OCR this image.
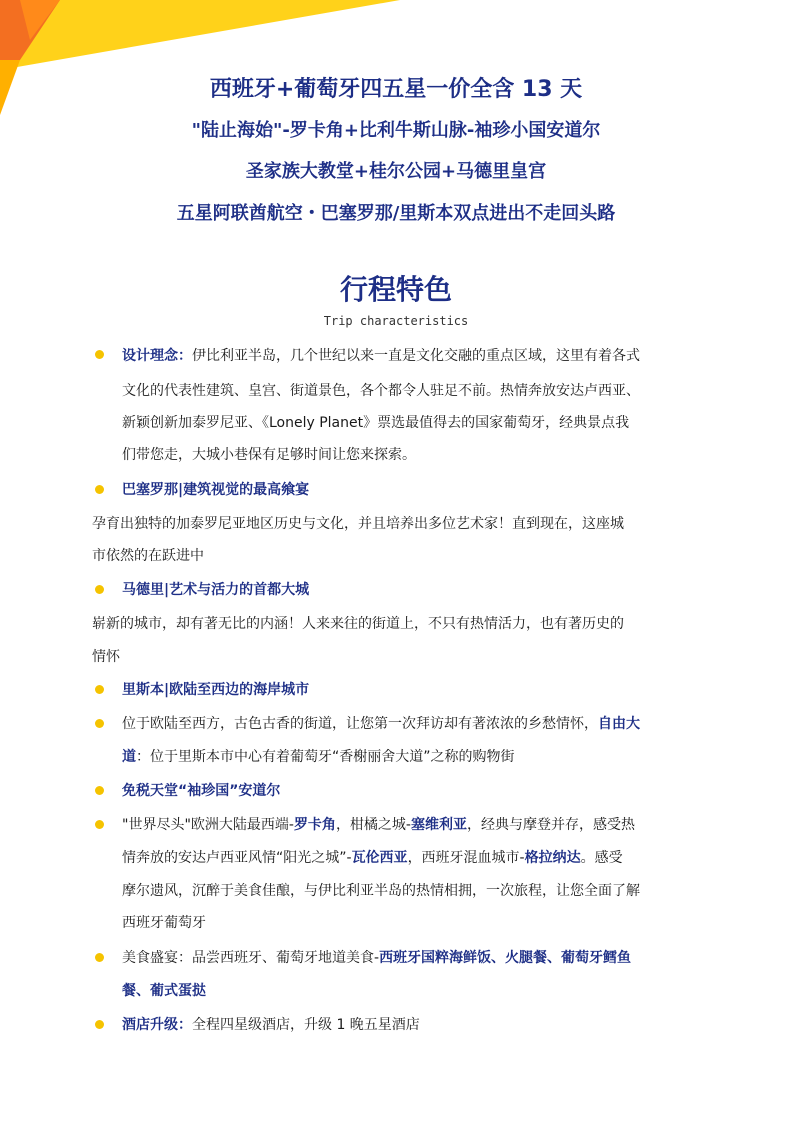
西班牙+葡萄牙四五星一价全含 13 天
"陆止海始"-罗卡角+比利牛斯山脉-袖珍小国安道尔
圣家族大教堂+桂尔公园+马德里皇宫
五星阿联酋航空・巴塞罗那/里斯本双点进出不走回头路
行程特色
Trip characteristics
设计理念：伊比利亚半岛，几个世纪以来一直是文化交融的重点区域，这里有着各式
文化的代表性建筑、皇宫、街道景色，各个都令人驻足不前。热情奔放安达卢西亚、
新颖创新加泰罗尼亚、《Lonely Planet》票选最值得去的国家葡萄牙，经典景点我
们带您走，大城小巷保有足够时间让您来探索。
巴塞罗那|建筑视觉的最高飨宴
孕育出独特的加泰罗尼亚地区历史与文化，并且培养出多位艺术家！直到现在，这座城
市依然的在跃进中
马德里|艺术与活力的首都大城
崭新的城市，却有著无比的内涵！人来来往的街道上，不只有热情活力，也有著历史的
情怀
里斯本|欧陆至西边的海岸城市
位于欧陆至西方，古色古香的街道，让您第一次拜访却有著浓浓的乡愁情怀，自由大
道：位于里斯本市中心有着葡萄牙“香榭丽舍大道”之称的购物街
免税天堂“袖珍国”安道尔
"世界尽头"欧洲大陆最西端-罗卡角，柑橘之城-塞维利亚，经典与摩登并存，感受热
情奔放的安达卢西亚风情“阳光之城”-瓦伦西亚，西班牙混血城市-格拉纳达。感受
摩尔遗风，沉醉于美食佳酿，与伊比利亚半岛的热情相拥，一次旅程，让您全面了解
西班牙葡萄牙
美食盛宴：品尝西班牙、葡萄牙地道美食-西班牙国粹海鲜饭、火腿餐、葡萄牙鳕鱼
餐、葡式蛋挞
酒店升级：全程四星级酒店，升级 1 晚五星酒店
